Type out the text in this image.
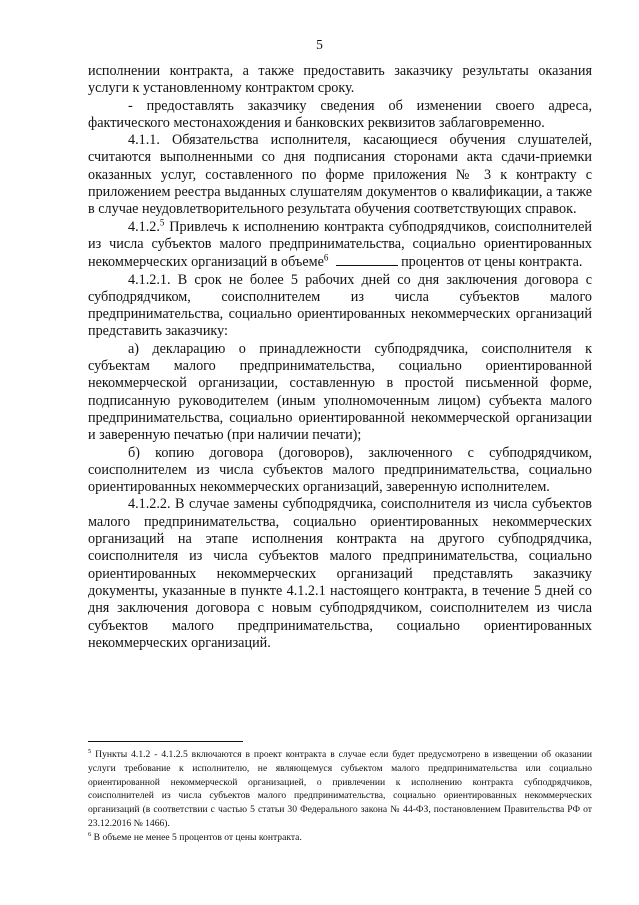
5

исполнении контракта, а также предоставить заказчику результаты оказания услуги к установленному контрактом сроку.

- предоставлять заказчику сведения об изменении своего адреса, фактического местонахождения и банковских реквизитов заблаговременно.

4.1.1. Обязательства исполнителя, касающиеся обучения слушателей, считаются выполненными со дня подписания сторонами акта сдачи-приемки оказанных услуг, составленного по форме приложения № 3 к контракту с приложением реестра выданных слушателям документов о квалификации, а также в случае неудовлетворительного результата обучения соответствующих справок.

4.1.2.$^5$ Привлечь к исполнению контракта субподрядчиков, соисполнителей из числа субъектов малого предпринимательства, социально ориентированных некоммерческих организаций в объеме$^6$	процентов от цены контракта.

4.1.2.1. В срок не более 5 рабочих дней со дня заключения договора с субподрядчиком, соисполнителем из числа субъектов малого предпринимательства, социально ориентированных некоммерческих организаций представить заказчику:

а) декларацию о принадлежности субподрядчика, соисполнителя к субъектам малого предпринимательства, социально ориентированной некоммерческой организации, составленную в простой письменной форме, подписанную руководителем (иным уполномоченным лицом) субъекта малого предпринимательства, социально ориентированной некоммерческой организации и заверенную печатью (при наличии печати);

б) копию договора (договоров), заключенного с субподрядчиком, соисполнителем из числа субъектов малого предпринимательства, социально ориентированных некоммерческих организаций, заверенную исполнителем.

4.1.2.2. В случае замены субподрядчика, соисполнителя из числа субъектов малого предпринимательства, социально ориентированных некоммерческих организаций на этапе исполнения контракта на другого субподрядчика, соисполнителя из числа субъектов малого предпринимательства, социально ориентированных некоммерческих организаций представлять заказчику документы, указанные в пункте 4.1.2.1 настоящего контракта, в течение 5 дней со дня заключения договора с новым субподрядчиком, соисполнителем из числа субъектов малого предпринимательства, социально ориентированных некоммерческих организаций.

$^5$ Пункты 4.1.2 - 4.1.2.5 включаются в проект контракта в случае если будет предусмотрено в извещении об оказании услуги требование к исполнителю, не являющемуся субъектом малого предпринимательства или социально ориентированной некоммерческой организацией, о привлечении к исполнению контракта субподрядчиков, соисполнителей из числа субъектов малого предпринимательства, социально ориентированных некоммерческих организаций (в соответствии с частью 5 статьи 30 Федерального закона № 44-ФЗ, постановлением Правительства РФ от 23.12.2016 № 1466).

$^6$ В объеме не менее 5 процентов от цены контракта.
